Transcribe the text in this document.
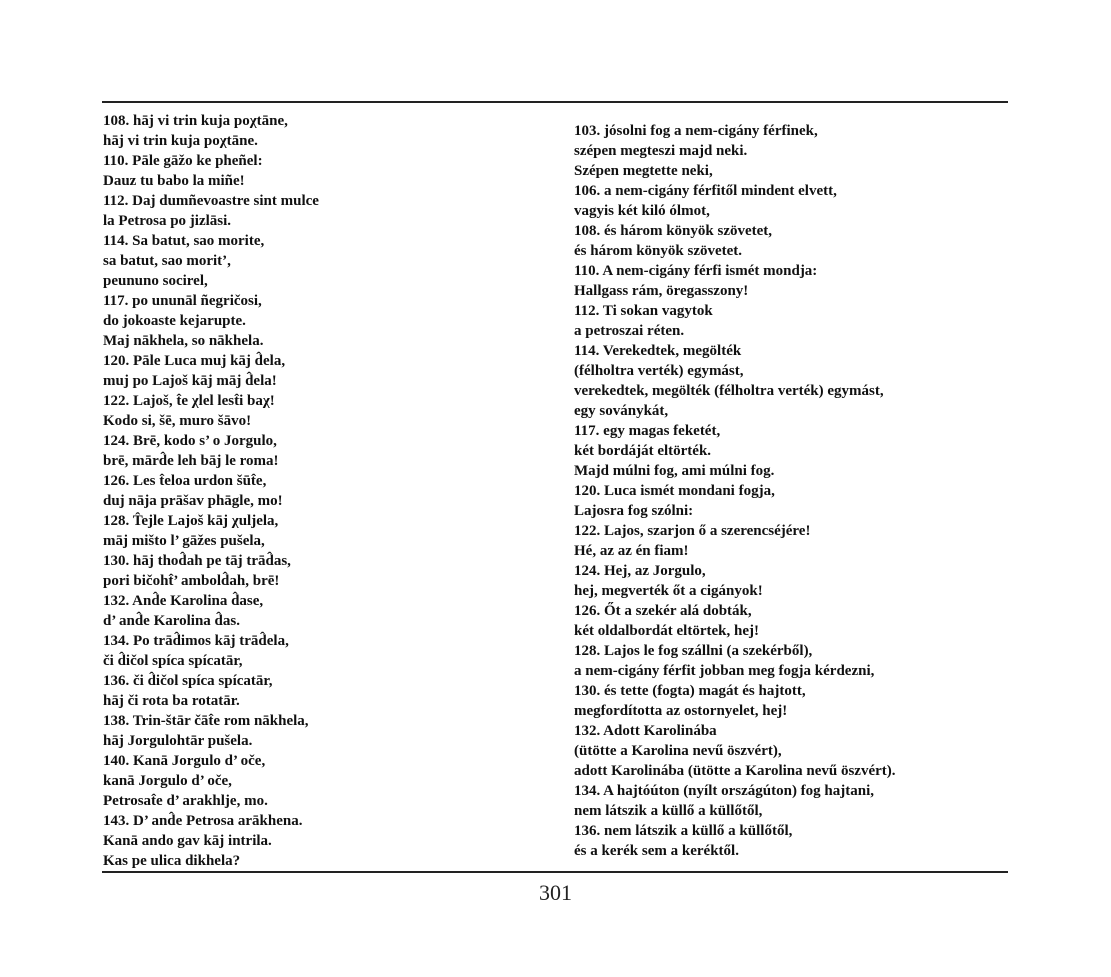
108. hāj vi trin kuja poχtāne,
hāj vi trin kuja poχtāne.
110. Pāle gāžo ke pheñel:
Dauz tu babo la miñe!
112. Daj dumñevoastre sint mulce
la Petrosa po jizlāsi.
114. Sa batut, sao morite,
sa batut, sao morit’,
peununo socirel,
117. po ununāl ñegričosi,
do jokoaste kejarupte.
Maj nākhela, so nākhela.
120. Pāle Luca muj kāj d̂ela,
muj po Lajoš kāj māj d̂ela!
122. Lajoš, t̂e χlel lest̂i baχ!
Kodo si, šē, muro šāvo!
124. Brē, kodo s’ o Jorgulo,
brē, mārd̂e leh bāj le roma!
126. Les t̂eloa urdon šūt̂e,
duj nāja prāšav phāgle, mo!
128. T̂ejle Lajoš kāj χuljela,
māj mišto l’ gāžes pušela,
130. hāj thod̂ah pe tāj trād̂as,
pori bičoht̂’ ambold̂ah, brē!
132. And̂e Karolina d̂ase,
d’ and̂e Karolina d̂as.
134. Po trād̂imos kāj trād̂ela,
či d̂ičol spíca spícatār,
136. či d̂ičol spíca spícatār,
hāj či rota ba rotatār.
138. Trin-štār čāt̂e rom nākhela,
hāj Jorgulohtār pušela.
140. Kanā Jorgulo d’ oče,
kanā Jorgulo d’ oče,
Petrosat̂e d’ arakhlje, mo.
143. D’ and̂e Petrosa arākhena.
Kanā ando gav kāj intrila.
Kas pe ulica dikhela?
103. jósolni fog a nem-cigány férfinek,
szépen megteszi majd neki.
Szépen megtette neki,
106. a nem-cigány férfitől mindent elvett,
vagyis két kiló ólmot,
108. és három könyök szövetet,
és három könyök szövetet.
110. A nem-cigány férfi ismét mondja:
Hallgass rám, öregasszony!
112. Ti sokan vagytok
a petroszai réten.
114. Verekedtek, megölték
(félholtra verték) egymást,
verekedtek, megölték (félholtra verték) egymást,
egy soványkát,
117. egy magas feketét,
két bordáját eltörték.
Majd múlni fog, ami múlni fog.
120. Luca ismét mondani fogja,
Lajosra fog szólni:
122. Lajos, szarjon ő a szerencséjére!
Hé, az az én fiam!
124. Hej, az Jorgulo,
hej, megverték őt a cigányok!
126. Őt a szekér alá dobták,
két oldalbordát eltörtek, hej!
128. Lajos le fog szállni (a szekérből),
a nem-cigány férfit jobban meg fogja kérdezni,
130. és tette (fogta) magát és hajtott,
megfordította az ostornyelet, hej!
132. Adott Karolinába
(ütötte a Karolina nevű öszvért),
adott Karolinába (ütötte a Karolina nevű öszvért).
134. A hajtóúton (nyílt országúton) fog hajtani,
nem látszik a küllő a küllőtől,
136. nem látszik a küllő a küllőtől,
és a kerék sem a keréktől.
301
